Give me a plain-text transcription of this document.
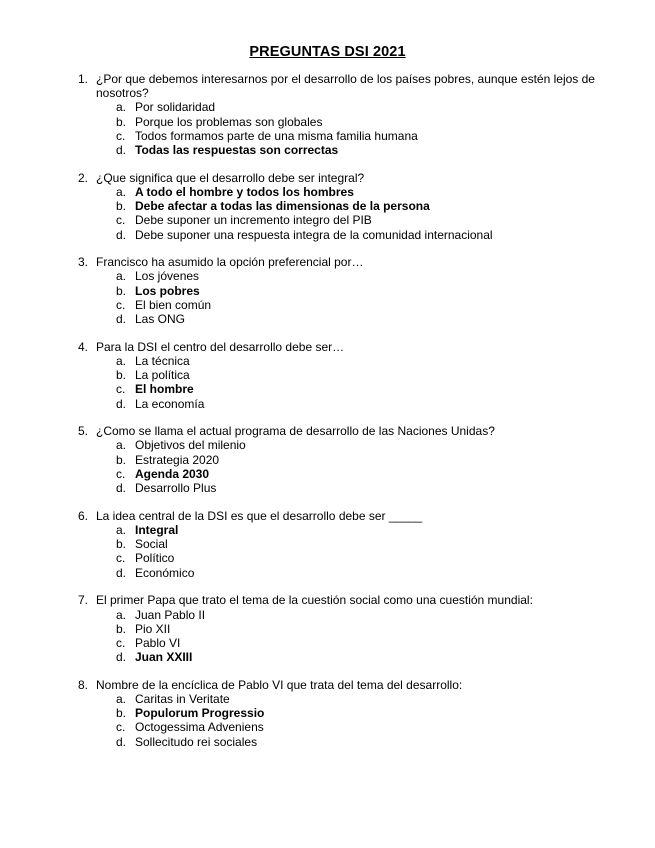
PREGUNTAS DSI 2021
1. ¿Por que debemos interesarnos por el desarrollo de los países pobres, aunque estén lejos de nosotros?
a. Por solidaridad
b. Porque los problemas son globales
c. Todos formamos parte de una misma familia humana
d. Todas las respuestas son correctas
2. ¿Que significa que el desarrollo debe ser integral?
a. A todo el hombre y todos los hombres
b. Debe afectar a todas las dimensionas de la persona
c. Debe suponer un incremento integro del PIB
d. Debe suponer una respuesta integra de la comunidad internacional
3. Francisco ha asumido la opción preferencial por…
a. Los jóvenes
b. Los pobres
c. El bien común
d. Las ONG
4. Para la DSI el centro del desarrollo debe ser…
a. La técnica
b. La política
c. El hombre
d. La economía
5. ¿Como se llama el actual programa de desarrollo de las Naciones Unidas?
a. Objetivos del milenio
b. Estrategia 2020
c. Agenda 2030
d. Desarrollo Plus
6. La idea central de la DSI es que el desarrollo debe ser _____
a. Integral
b. Social
c. Político
d. Económico
7. El primer Papa que trato el tema de la cuestión social como una cuestión mundial:
a. Juan Pablo II
b. Pio XII
c. Pablo VI
d. Juan XXIII
8. Nombre de la encíclica de Pablo VI que trata del tema del desarrollo:
a. Caritas in Veritate
b. Populorum Progressio
c. Octogessima Adveniens
d. Sollecitudo rei sociales
